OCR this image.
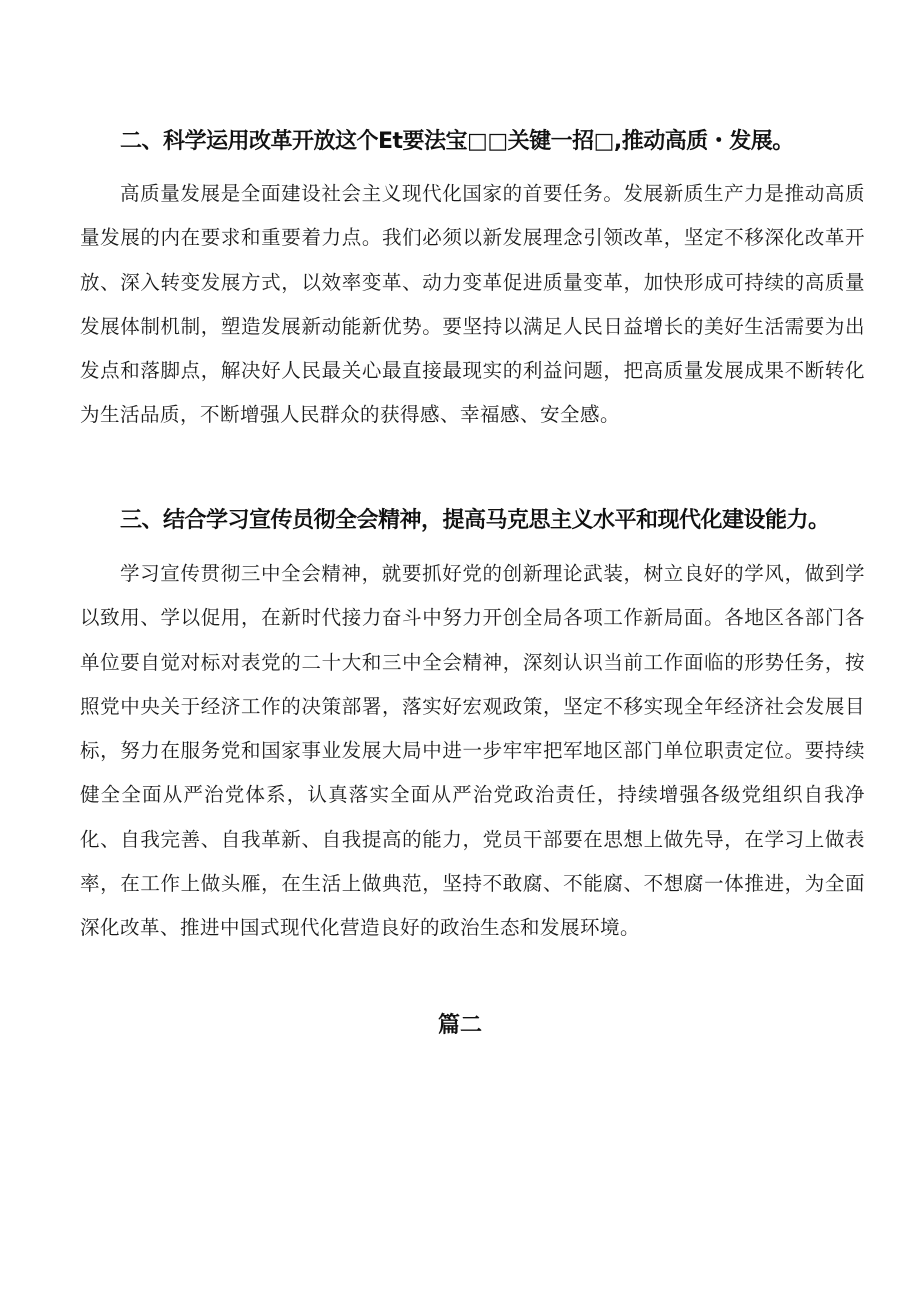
二、科学运用改革开放这个Et要法宝□□关键一招□,推动高质・发展。

高质量发展是全面建设社会主义现代化国家的首要任务。发展新质生产力是推动高质量发展的内在要求和重要着力点。我们必须以新发展理念引领改革，坚定不移深化改革开放、深入转变发展方式，以效率变革、动力变革促进质量变革，加快形成可持续的高质量发展体制机制，塑造发展新动能新优势。要坚持以满足人民日益增长的美好生活需要为出发点和落脚点，解决好人民最关心最直接最现实的利益问题，把高质量发展成果不断转化为生活品质，不断增强人民群众的获得感、幸福感、安全感。

三、结合学习宣传员彻全会精神，提高马克思主义水平和现代化建设能力。

学习宣传贯彻三中全会精神，就要抓好党的创新理论武装，树立良好的学风，做到学以致用、学以促用，在新时代接力奋斗中努力开创全局各项工作新局面。各地区各部门各单位要自觉对标对表党的二十大和三中全会精神，深刻认识当前工作面临的形势任务，按照党中央关于经济工作的决策部署，落实好宏观政策，坚定不移实现全年经济社会发展目标，努力在服务党和国家事业发展大局中进一步牢牢把军地区部门单位职责定位。要持续健全全面从严治党体系，认真落实全面从严治党政治责任，持续增强各级党组织自我净化、自我完善、自我革新、自我提高的能力，党员干部要在思想上做先导，在学习上做表率，在工作上做头雁，在生活上做典范，坚持不敢腐、不能腐、不想腐一体推进，为全面深化改革、推进中国式现代化营造良好的政治生态和发展环境。

篇二
